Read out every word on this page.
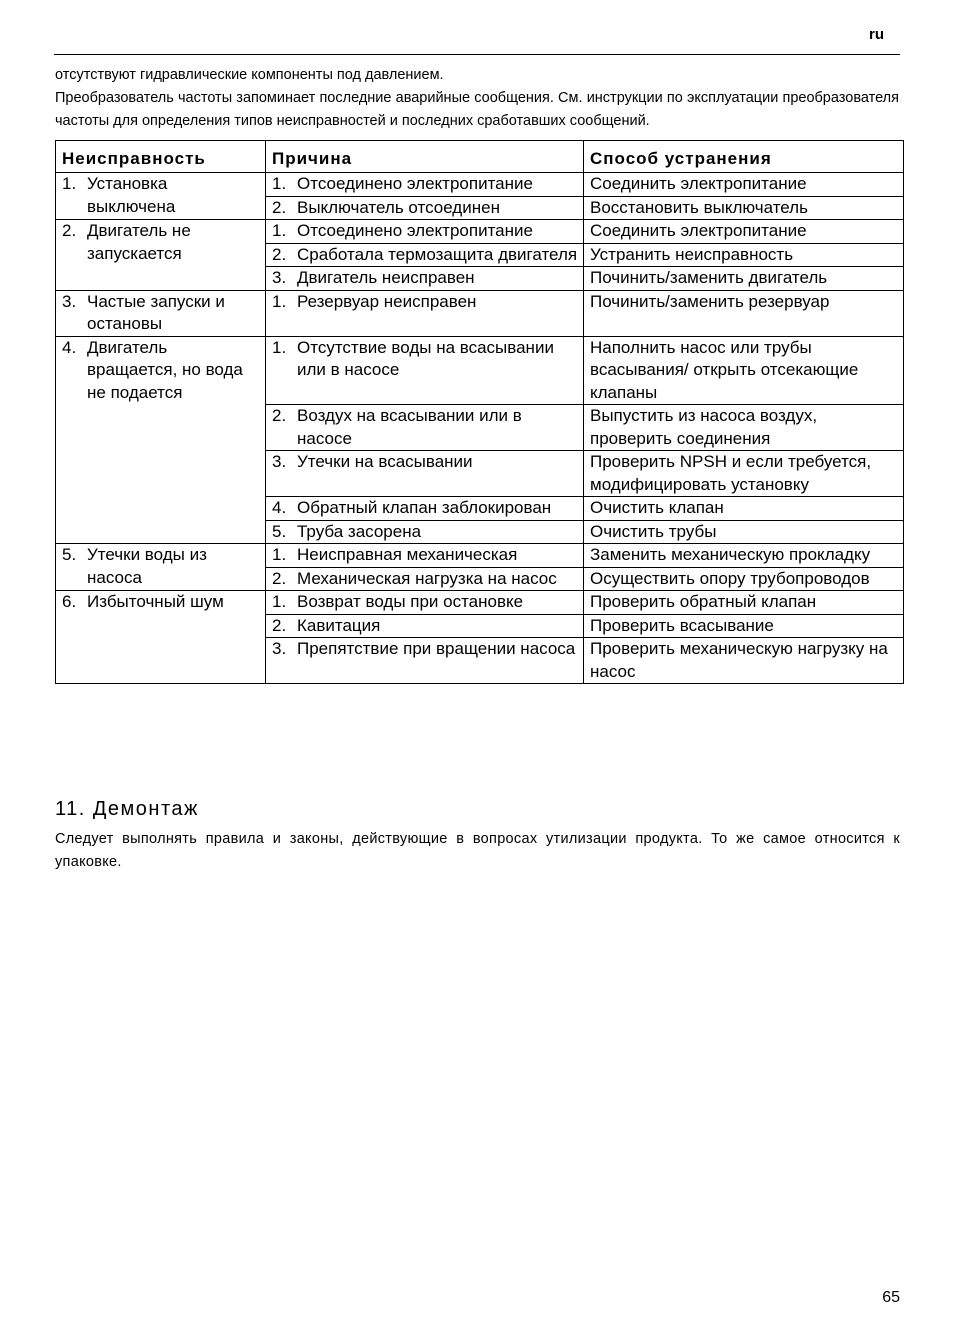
ru

отсутствуют гидравлические компоненты под давлением.

Преобразователь частоты запоминает последние аварийные сообщения. См. инструкции по эксплуатации преобразователя частоты для определения типов неисправностей и последних сработавших сообщений.

Неисправность	Причина	Способ устранения

1. Установка выключена	1. Отсоединено электропитание	Соединить электропитание

	2. Выключатель отсоединен	Восстановить выключатель

2. Двигатель не запускается	1. Отсоединено электропитание	Соединить электропитание

	2. Сработала термозащита двигателя	Устранить неисправность

	3. Двигатель неисправен	Починить/заменить двигатель

3. Частые запуски и остановы	1. Резервуар неисправен	Починить/заменить резервуар

4. Двигатель вращается, но вода не подается	1. Отсутствие воды на всасывании или в насосе	Наполнить насос или трубы всасывания/ открыть отсекающие клапаны

	2. Воздух на всасывании или в насосе	Выпустить из насоса воздух, проверить соединения

	3. Утечки на всасывании	Проверить NPSH и если требуется, модифицировать установку

	4. Обратный клапан заблокирован	Очистить клапан

	5. Труба засорена	Очистить трубы

5. Утечки воды из насоса	1. Неисправная механическая	Заменить механическую прокладку

	2. Механическая нагрузка на насос	Осуществить опору трубопроводов

6. Избыточный шум	1. Возврат воды при остановке	Проверить обратный клапан

	2. Кавитация	Проверить всасывание

	3. Препятствие при вращении насоса	Проверить механическую нагрузку на насос
11. Демонтаж

Следует выполнять правила и законы, действующие в вопросах утилизации продукта. То же самое относится к упаковке.

65
